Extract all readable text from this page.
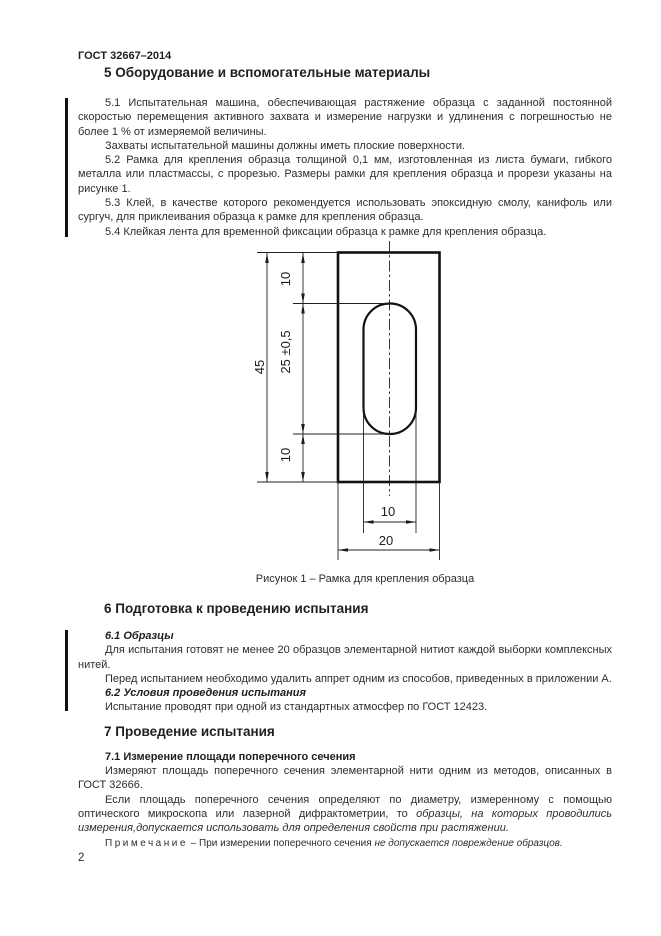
ГОСТ 32667–2014
5 Оборудование и вспомогательные материалы

5.1 Испытательная машина, обеспечивающая растяжение образца с заданной постоянной скоростью перемещения активного захвата и измерение нагрузки и удлинения с погрешностью не более 1 % от измеряемой величины.

Захваты испытательной машины должны иметь плоские поверхности.

5.2 Рамка для крепления образца толщиной 0,1 мм, изготовленная из листа бумаги, гибкого металла или пластмассы, с прорезью. Размеры рамки для крепления образца и прорези указаны на рисунке 1.

5.3 Клей, в качестве которого рекомендуется использовать эпоксидную смолу, канифоль или сургуч, для приклеивания образца к рамке для крепления образца.

5.4 Клейкая лента для временной фиксации образца к рамке для крепления образца.

45
10
25 ±0,5
10
10
20
Рисунок 1 – Рамка для крепления образца
6 Подготовка к проведению испытания

6.1 Образцы

Для испытания готовят не менее 20 образцов элементарной нитиот каждой выборки комплексных нитей.

Перед испытанием необходимо удалить аппрет одним из способов, приведенных в приложении А.

6.2 Условия проведения испытания

Испытание проводят при одной из стандартных атмосфер по ГОСТ 12423.

7 Проведение испытания

7.1 Измерение площади поперечного сечения

Измеряют площадь поперечного сечения элементарной нити одним из методов, описанных в ГОСТ 32666.

Если площадь поперечного сечения определяют по диаметру, измеренному с помощью оптического микроскопа или лазерной дифрактометрии, то образцы, на которых проводились измерения,допускается использовать для определения свойств при растяжении.

Примечание – При измерении поперечного сечения не допускается повреждение образцов.

2
